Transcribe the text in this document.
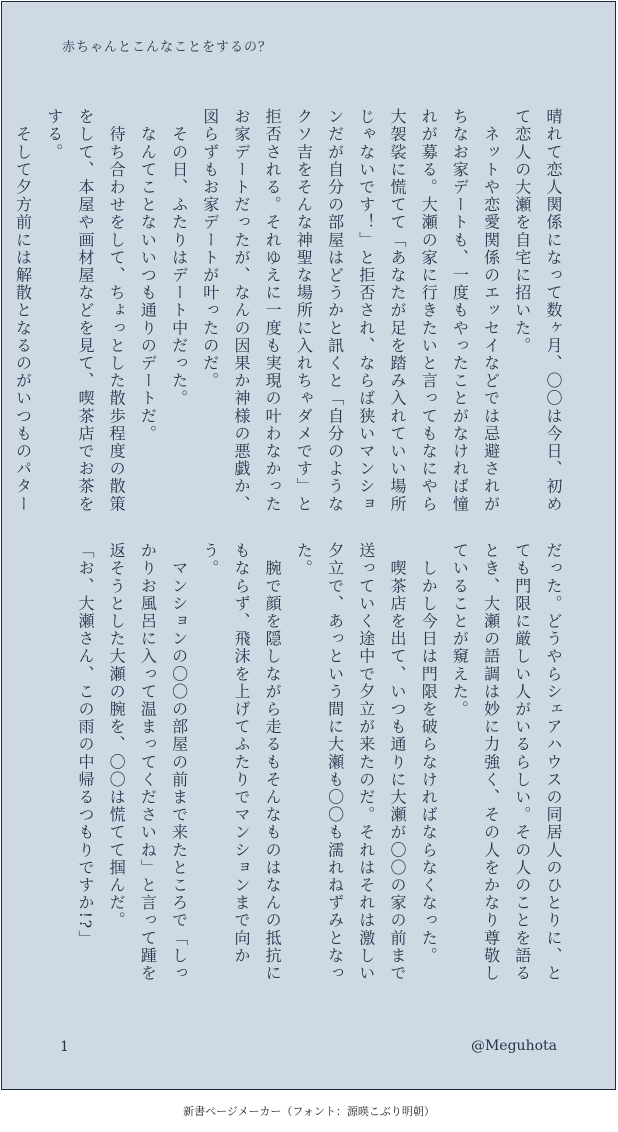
赤ちゃんとこんなことをするの？

晴れて恋人関係になって数ヶ月、〇〇は今日、初めて恋人の大瀬を自宅に招いた。

　ネットや恋愛関係のエッセイなどでは忌避されがちなお家デートも、一度もやったことがなければ憧れが募る。大瀬の家に行きたいと言ってもなにやら大袈裟に慌てて「あなたが足を踏み入れていい場所じゃないです！」と拒否され、ならば狭いマンションだが自分の部屋はどうかと訊くと「自分のようなクソ吉をそんな神聖な場所に入れちゃダメです」と拒否される。それゆえに一度も実現の叶わなかったお家デートだったが、なんの因果か神様の悪戯か、図らずもお家デートが叶ったのだ。

　その日、ふたりはデート中だった。

　なんてことないいつも通りのデートだ。

　待ち合わせをして、ちょっとした散歩程度の散策をして、本屋や画材屋などを見て、喫茶店でお茶をする。

　そして夕方前には解散となるのがいつものパター

だった。どうやらシェアハウスの同居人のひとりに、とても門限に厳しい人がいるらしい。その人のことを語るとき、大瀬の語調は妙に力強く、その人をかなり尊敬していることが窺えた。

　しかし今日は門限を破らなければならなくなった。

　喫茶店を出て、いつも通りに大瀬が〇〇の家の前まで送っていく途中で夕立が来たのだ。それはそれは激しい夕立で、あっという間に大瀬も〇〇も濡れねずみとなった。

　腕で顔を隠しながら走るもそんなものはなんの抵抗にもならず、飛沫を上げてふたりでマンションまで向かう。

　マンションの〇〇の部屋の前まで来たところで「しっかりお風呂に入って温まってくださいね」と言って踵を返そうとした大瀬の腕を、〇〇は慌てて掴んだ。

「お、大瀬さん、この雨の中帰るつもりですか!?」

1	@Meguhota
新書ページメーカー（フォント：源暎こぶり明朝）
